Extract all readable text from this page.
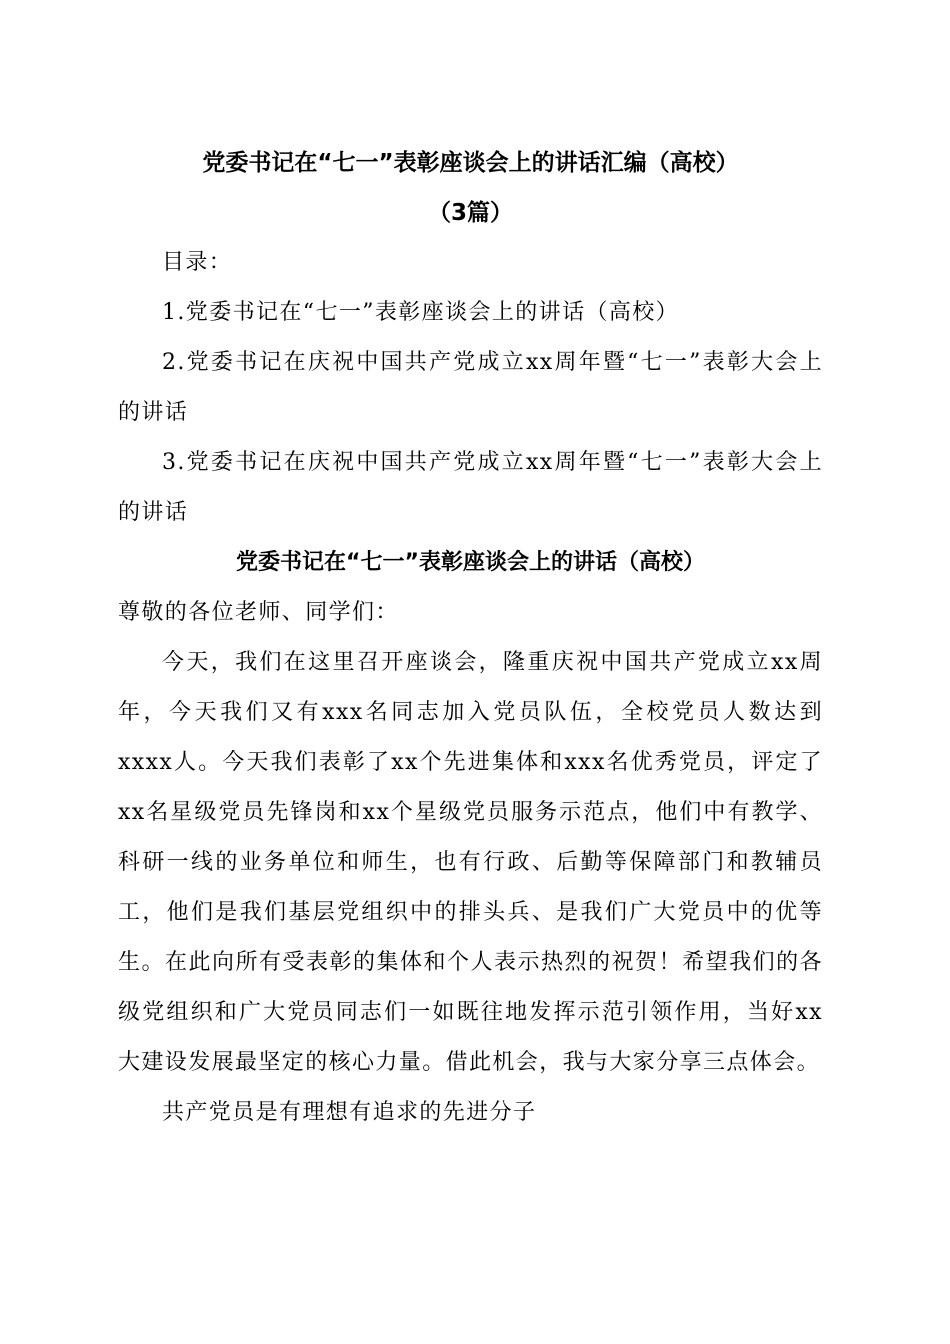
党委书记在“七一”表彰座谈会上的讲话汇编（高校）

（3篇）

目录：

1.党委书记在“七一”表彰座谈会上的讲话（高校）

2.党委书记在庆祝中国共产党成立xx周年暨“七一”表彰大会上的讲话

3.党委书记在庆祝中国共产党成立xx周年暨“七一”表彰大会上的讲话

党委书记在“七一”表彰座谈会上的讲话（高校）

尊敬的各位老师、同学们：

今天，我们在这里召开座谈会，隆重庆祝中国共产党成立xx周年，今天我们又有xxx名同志加入党员队伍，全校党员人数达到xxxx人。今天我们表彰了xx个先进集体和xxx名优秀党员，评定了xx名星级党员先锋岗和xx个星级党员服务示范点，他们中有教学、科研一线的业务单位和师生，也有行政、后勤等保障部门和教辅员工，他们是我们基层党组织中的排头兵、是我们广大党员中的优等生。在此向所有受表彰的集体和个人表示热烈的祝贺！希望我们的各级党组织和广大党员同志们一如既往地发挥示范引领作用，当好xx大建设发展最坚定的核心力量。借此机会，我与大家分享三点体会。

共产党员是有理想有追求的先进分子
